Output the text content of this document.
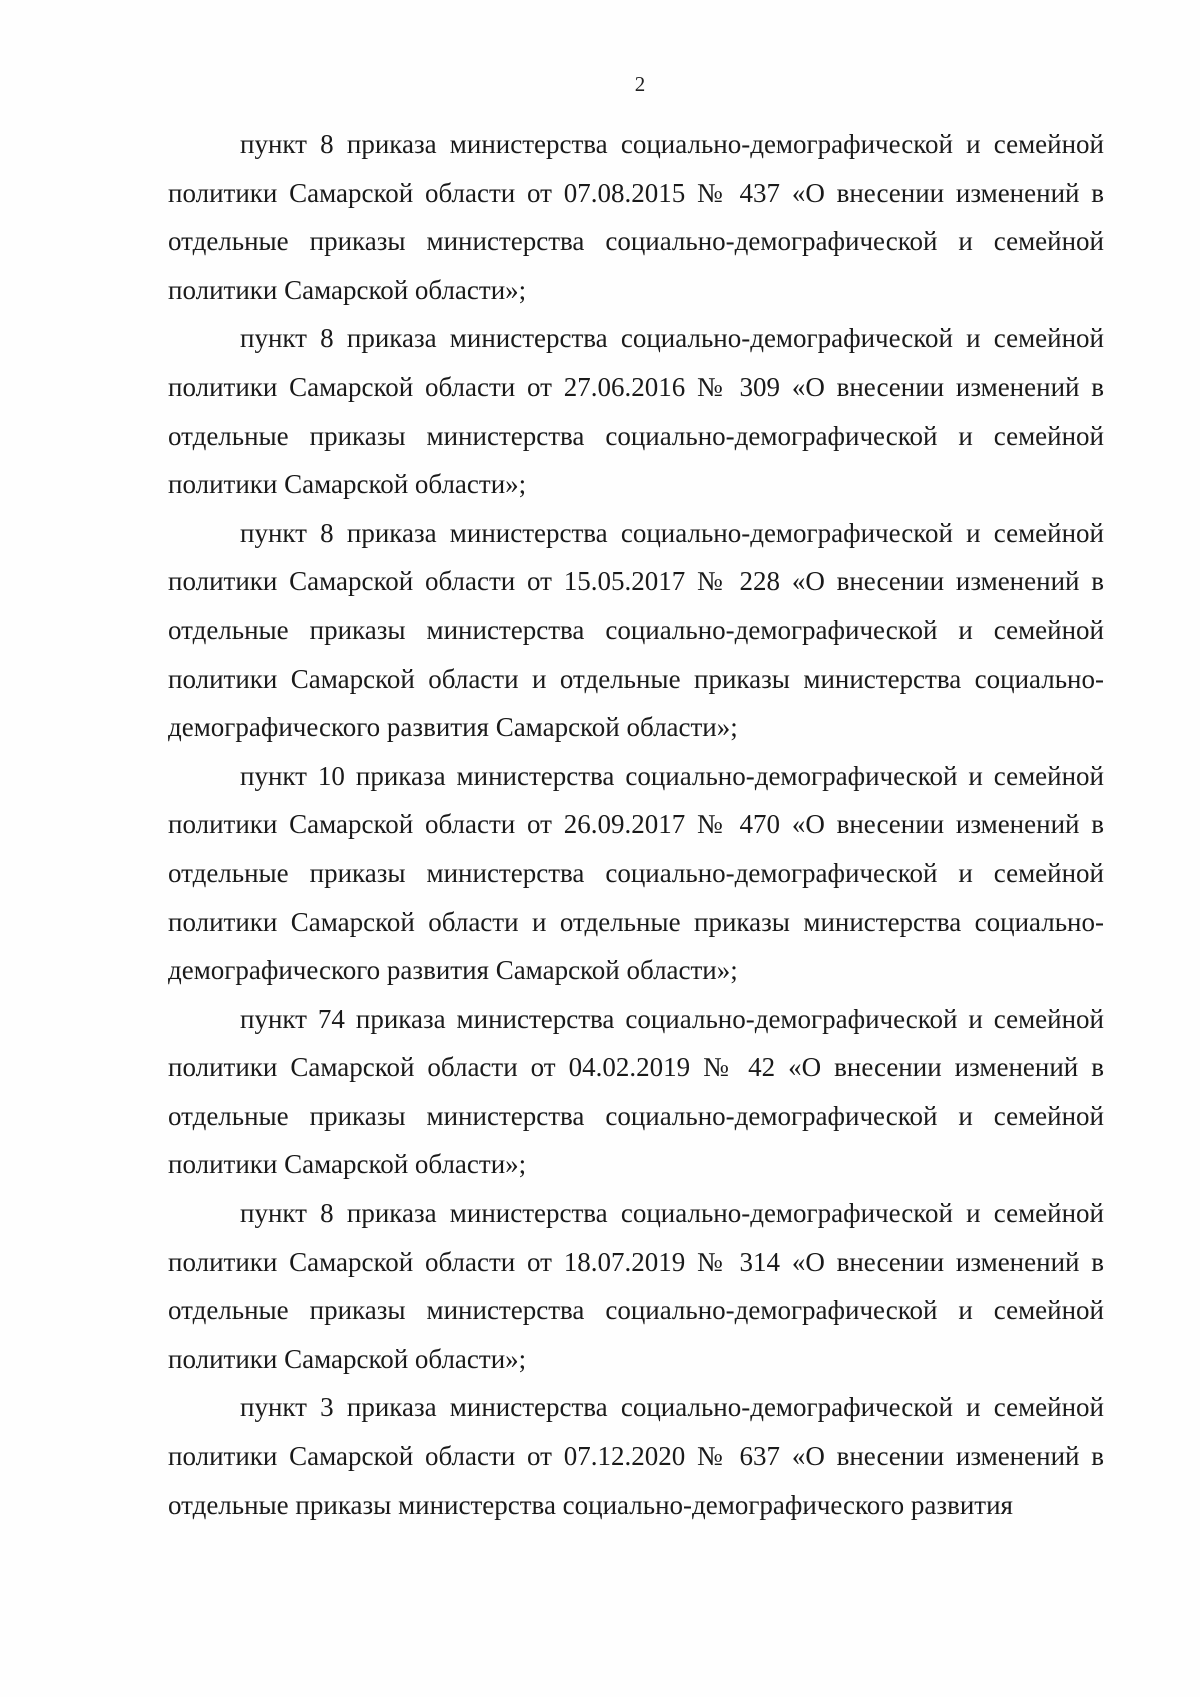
2

пункт 8 приказа министерства социально-демографической и семейной политики Самарской области от 07.08.2015 № 437 «О внесении изменений в отдельные приказы министерства социально-демографической и семейной политики Самарской области»;

пункт 8 приказа министерства социально-демографической и семейной политики Самарской области от 27.06.2016 № 309 «О внесении изменений в отдельные приказы министерства социально-демографической и семейной политики Самарской области»;

пункт 8 приказа министерства социально-демографической и семейной политики Самарской области от 15.05.2017 № 228 «О внесении изменений в отдельные приказы министерства социально-демографической и семейной политики Самарской области и отдельные приказы министерства социально-демографического развития Самарской области»;

пункт 10 приказа министерства социально-демографической и семейной политики Самарской области от 26.09.2017 № 470 «О внесении изменений в отдельные приказы министерства социально-демографической и семейной политики Самарской области и отдельные приказы министерства социально-демографического развития Самарской области»;

пункт 74 приказа министерства социально-демографической и семейной политики Самарской области от 04.02.2019 № 42 «О внесении изменений в отдельные приказы министерства социально-демографической и семейной политики Самарской области»;

пункт 8 приказа министерства социально-демографической и семейной политики Самарской области от 18.07.2019 № 314 «О внесении изменений в отдельные приказы министерства социально-демографической и семейной политики Самарской области»;

пункт 3 приказа министерства социально-демографической и семейной политики Самарской области от 07.12.2020 № 637 «О внесении изменений в отдельные приказы министерства социально-демографического развития
